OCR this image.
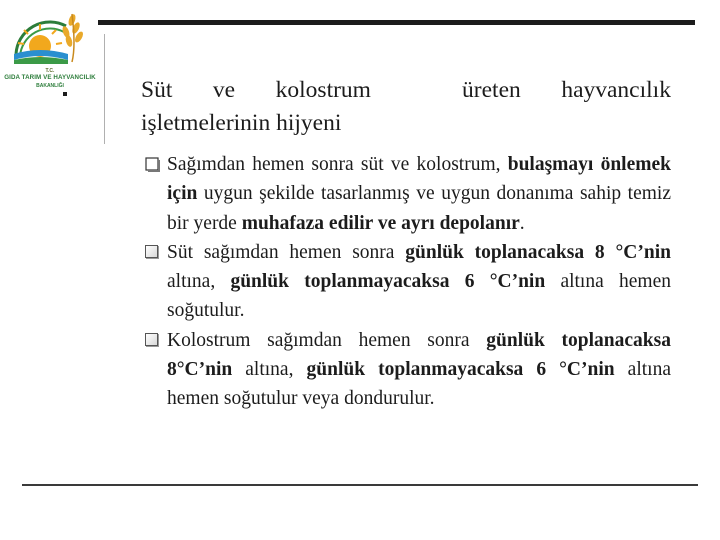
T.C.
GIDA TARIM VE HAYVANCILIK
BAKANLIĞI	Süt ve kolostrum	üreten hayvancılık
işletmelerinin hijyeni
Sağımdan hemen sonra süt ve kolostrum, bulaşmayı önlemek için uygun şekilde tasarlanmış ve uygun donanıma sahip temiz bir yerde muhafaza edilir ve ayrı depolanır.
Süt sağımdan hemen sonra günlük toplanacaksa 8 °C’nin altına, günlük toplanmayacaksa 6 °C’nin altına hemen soğutulur.
Kolostrum sağımdan hemen sonra günlük toplanacaksa 8°C’nin altına, günlük toplanmayacaksa 6 °C’nin altına hemen soğutulur veya dondurulur.
